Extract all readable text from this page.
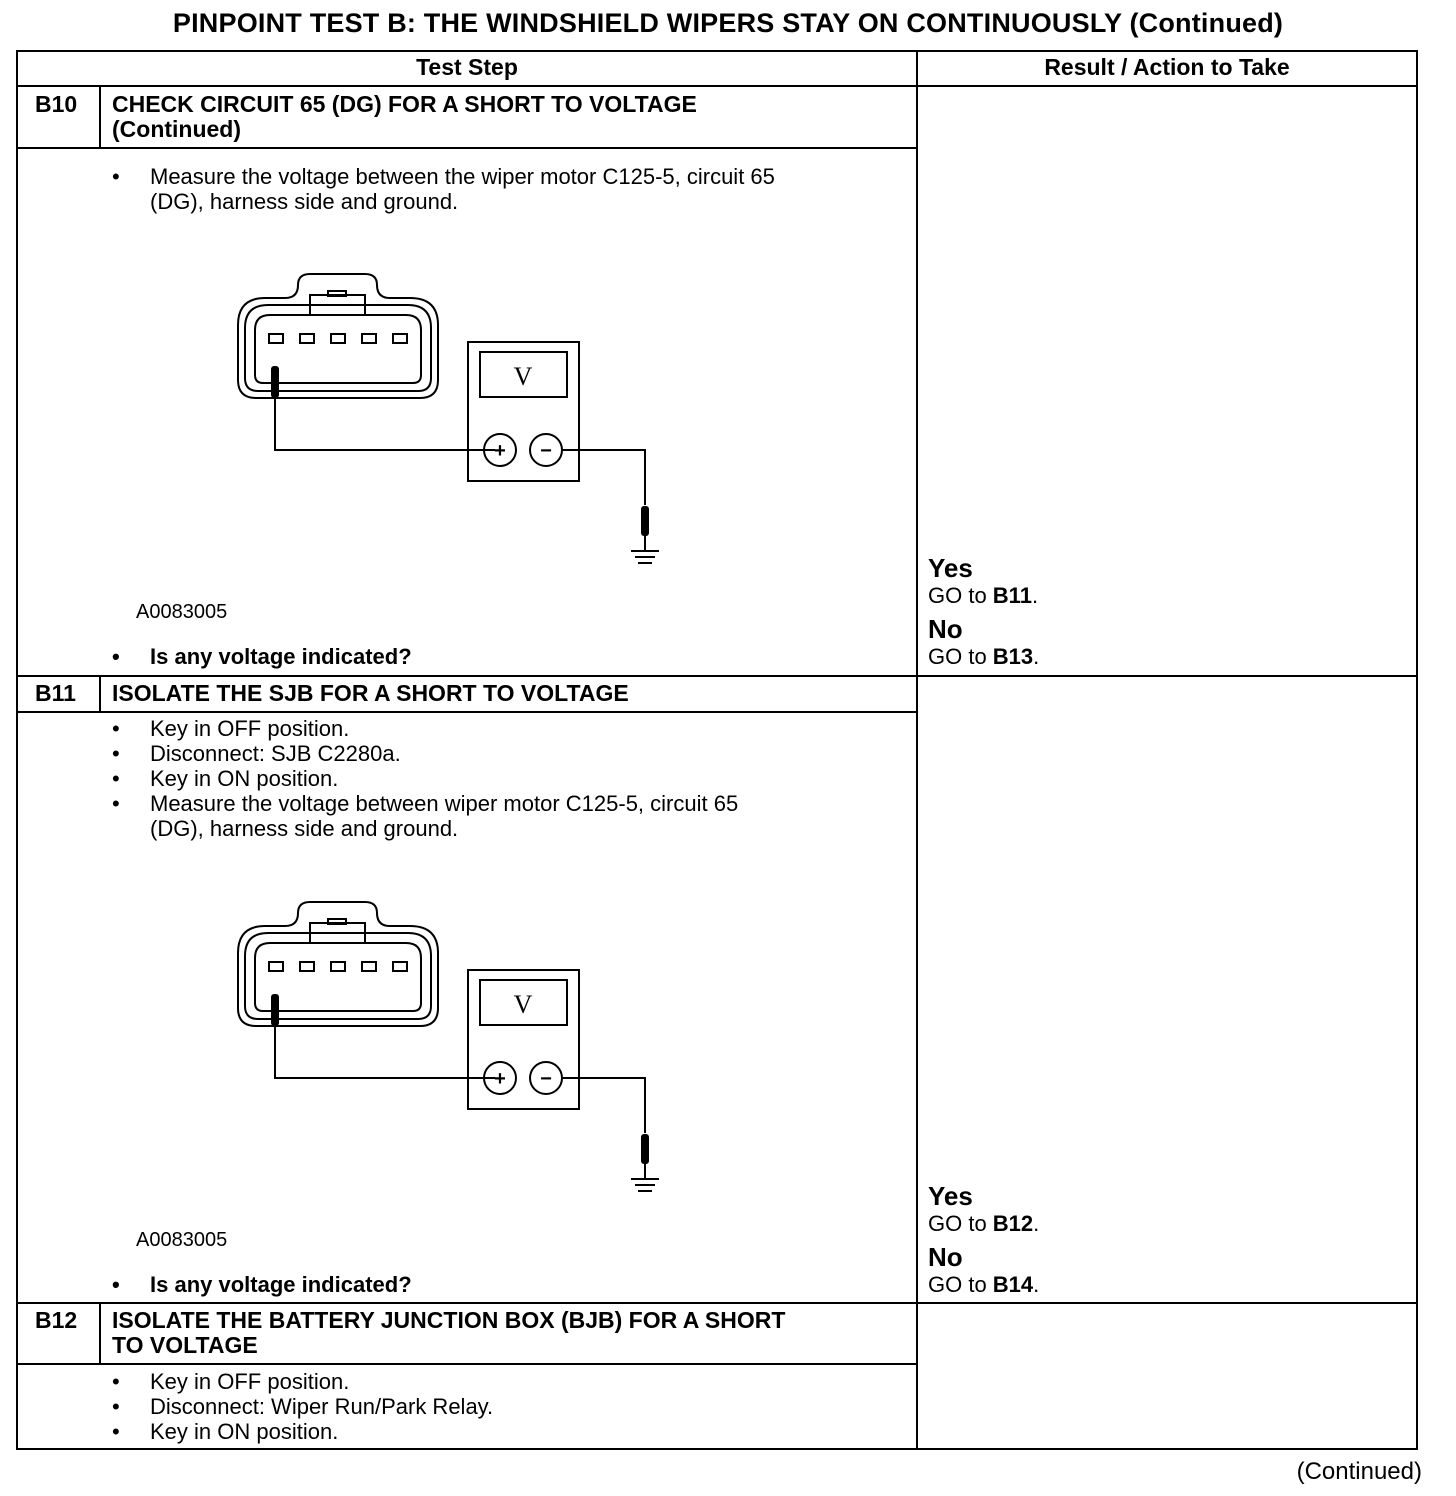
PINPOINT TEST B: THE WINDSHIELD WIPERS STAY ON CONTINUOUSLY (Continued)
Test Step	Result / Action to Take
B10 CHECK CIRCUIT 65 (DG) FOR A SHORT TO VOLTAGE
(Continued)
• Measure the voltage between the wiper motor C125-5, circuit 65
(DG), harness side and ground.
V
+ −
A0083005
• Is any voltage indicated?
Yes
GO to B11.
No
GO to B13.
B11 ISOLATE THE SJB FOR A SHORT TO VOLTAGE
• Key in OFF position.
• Disconnect: SJB C2280a.
• Key in ON position.
• Measure the voltage between wiper motor C125-5, circuit 65
(DG), harness side and ground.
V
+ −
A0083005
• Is any voltage indicated?
Yes
GO to B12.
No
GO to B14.
B12 ISOLATE THE BATTERY JUNCTION BOX (BJB) FOR A SHORT
TO VOLTAGE
• Key in OFF position.
• Disconnect: Wiper Run/Park Relay.
• Key in ON position.
(Continued)
